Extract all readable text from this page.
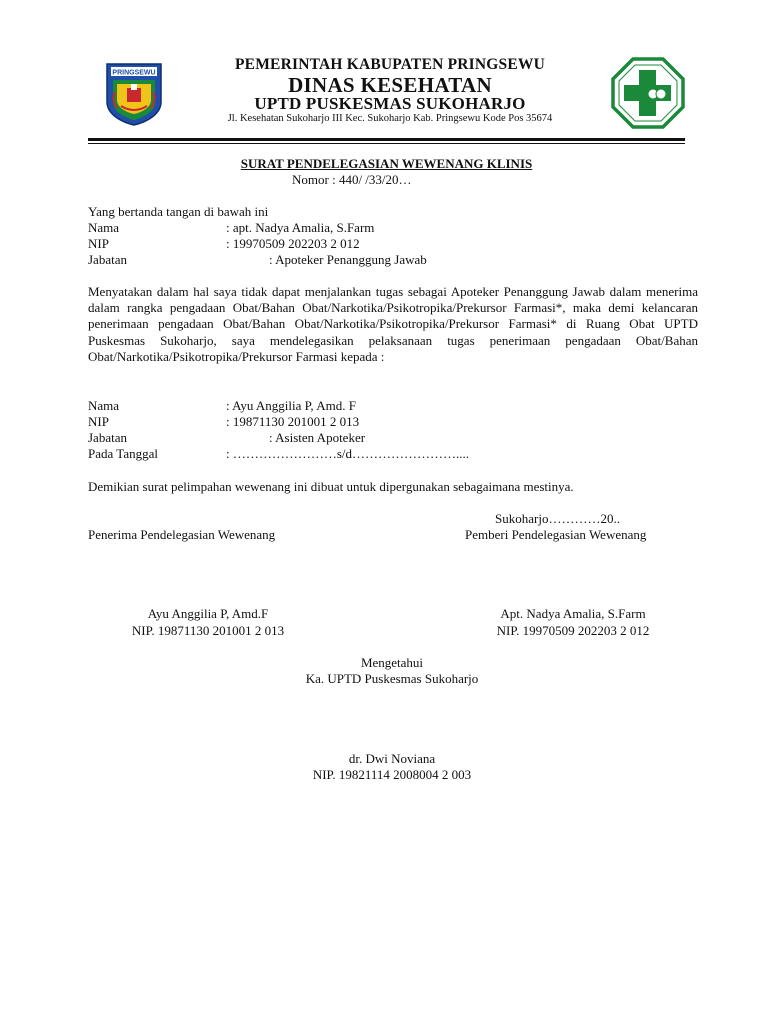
PRINGSEWU	PEMERINTAH KABUPATEN PRINGSEWU
DINAS KESEHATAN
UPTD PUSKESMAS SUKOHARJO
Jl. Kesehatan Sukoharjo III Kec. Sukoharjo Kab. Pringsewu Kode Pos 35674
SURAT PENDELEGASIAN WEWENANG KLINIS
Nomor : 440/ /33/20…
Yang bertanda tangan di bawah ini
Nama	: apt. Nadya Amalia, S.Farm
NIP	: 19970509 202203 2 012
Jabatan	: Apoteker Penanggung Jawab

Menyatakan dalam hal saya tidak dapat menjalankan tugas sebagai Apoteker Penanggung Jawab dalam menerima dalam rangka pengadaan Obat/Bahan Obat/Narkotika/Psikotropika/Prekursor Farmasi*, maka demi kelancaran penerimaan pengadaan Obat/Bahan Obat/Narkotika/Psikotropika/Prekursor Farmasi* di Ruang Obat UPTD Puskesmas Sukoharjo, saya mendelegasikan pelaksanaan tugas penerimaan pengadaan Obat/Bahan Obat/Narkotika/Psikotropika/Prekursor Farmasi kepada :

Nama	: Ayu Anggilia P, Amd. F
NIP	: 19871130 201001 2 013
Jabatan	: Asisten Apoteker
Pada Tanggal	: ……………………s/d……………………....
Demikian surat pelimpahan wewenang ini dibuat untuk dipergunakan sebagaimana mestinya.
Sukoharjo…………20..
Penerima Pendelegasian Wewenang	Pemberi Pendelegasian Wewenang
Ayu Anggilia P, Amd.F
NIP. 19871130 201001 2 013
Apt. Nadya Amalia, S.Farm
NIP. 19970509 202203 2 012
Mengetahui
Ka. UPTD Puskesmas Sukoharjo
dr. Dwi Noviana
NIP. 19821114 2008004 2 003
